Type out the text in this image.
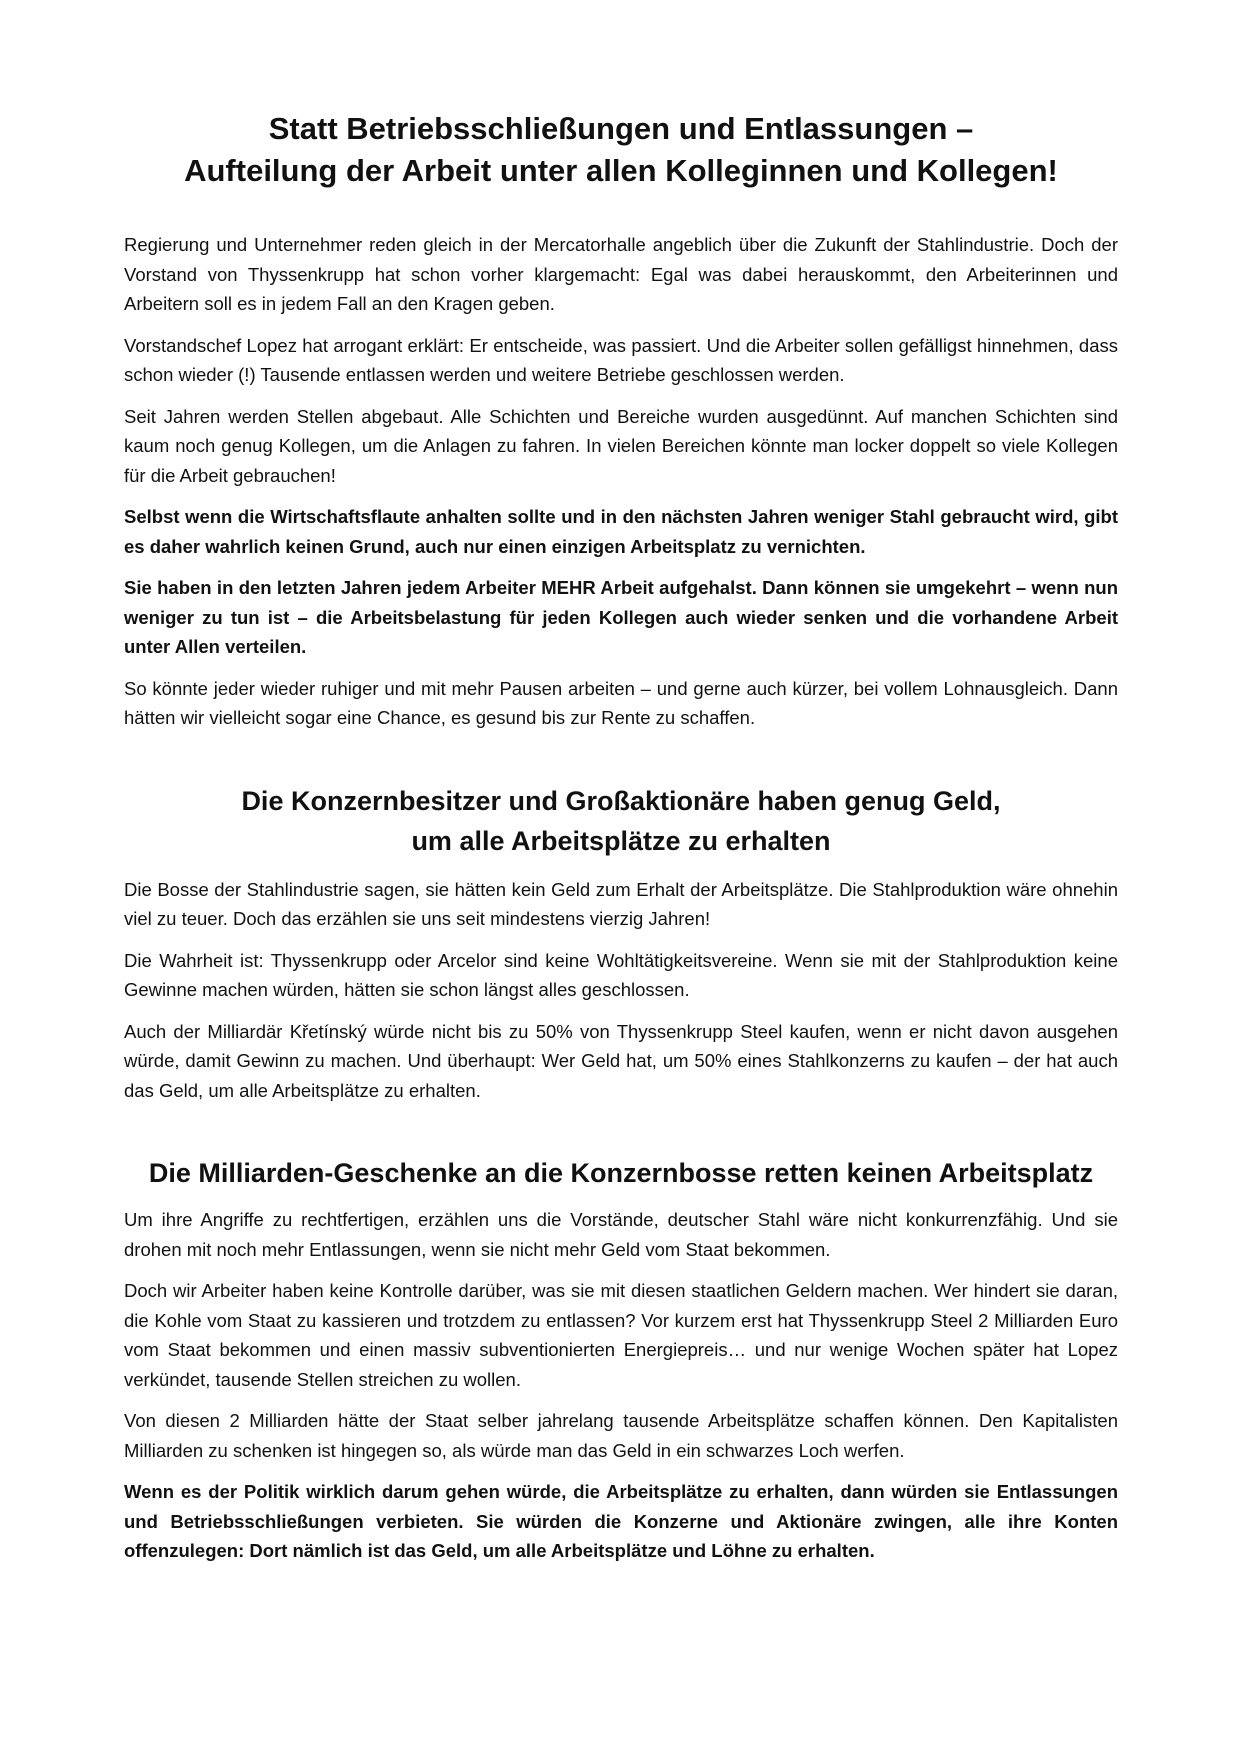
Statt Betriebsschließungen und Entlassungen –
Aufteilung der Arbeit unter allen Kolleginnen und Kollegen!

Regierung und Unternehmer reden gleich in der Mercatorhalle angeblich über die Zukunft der Stahlindustrie. Doch der Vorstand von Thyssenkrupp hat schon vorher klargemacht: Egal was dabei herauskommt, den Arbeiterinnen und Arbeitern soll es in jedem Fall an den Kragen geben.

Vorstandschef Lopez hat arrogant erklärt: Er entscheide, was passiert. Und die Arbeiter sollen gefälligst hinnehmen, dass schon wieder (!) Tausende entlassen werden und weitere Betriebe geschlossen werden.

Seit Jahren werden Stellen abgebaut. Alle Schichten und Bereiche wurden ausgedünnt. Auf manchen Schichten sind kaum noch genug Kollegen, um die Anlagen zu fahren. In vielen Bereichen könnte man locker doppelt so viele Kollegen für die Arbeit gebrauchen!

Selbst wenn die Wirtschaftsflaute anhalten sollte und in den nächsten Jahren weniger Stahl gebraucht wird, gibt es daher wahrlich keinen Grund, auch nur einen einzigen Arbeitsplatz zu vernichten.

Sie haben in den letzten Jahren jedem Arbeiter MEHR Arbeit aufgehalst. Dann können sie umgekehrt – wenn nun weniger zu tun ist – die Arbeitsbelastung für jeden Kollegen auch wieder senken und die vorhandene Arbeit unter Allen verteilen.

So könnte jeder wieder ruhiger und mit mehr Pausen arbeiten – und gerne auch kürzer, bei vollem Lohnausgleich. Dann hätten wir vielleicht sogar eine Chance, es gesund bis zur Rente zu schaffen.

Die Konzernbesitzer und Großaktionäre haben genug Geld,
um alle Arbeitsplätze zu erhalten

Die Bosse der Stahlindustrie sagen, sie hätten kein Geld zum Erhalt der Arbeitsplätze. Die Stahlproduktion wäre ohnehin viel zu teuer. Doch das erzählen sie uns seit mindestens vierzig Jahren!

Die Wahrheit ist: Thyssenkrupp oder Arcelor sind keine Wohltätigkeitsvereine. Wenn sie mit der Stahlproduktion keine Gewinne machen würden, hätten sie schon längst alles geschlossen.

Auch der Milliardär Křetínský würde nicht bis zu 50% von Thyssenkrupp Steel kaufen, wenn er nicht davon ausgehen würde, damit Gewinn zu machen. Und überhaupt: Wer Geld hat, um 50% eines Stahlkonzerns zu kaufen – der hat auch das Geld, um alle Arbeitsplätze zu erhalten.

Die Milliarden-Geschenke an die Konzernbosse retten keinen Arbeitsplatz

Um ihre Angriffe zu rechtfertigen, erzählen uns die Vorstände, deutscher Stahl wäre nicht konkurrenzfähig. Und sie drohen mit noch mehr Entlassungen, wenn sie nicht mehr Geld vom Staat bekommen.

Doch wir Arbeiter haben keine Kontrolle darüber, was sie mit diesen staatlichen Geldern machen. Wer hindert sie daran, die Kohle vom Staat zu kassieren und trotzdem zu entlassen? Vor kurzem erst hat Thyssenkrupp Steel 2 Milliarden Euro vom Staat bekommen und einen massiv subventionierten Energiepreis… und nur wenige Wochen später hat Lopez verkündet, tausende Stellen streichen zu wollen.

Von diesen 2 Milliarden hätte der Staat selber jahrelang tausende Arbeitsplätze schaffen können. Den Kapitalisten Milliarden zu schenken ist hingegen so, als würde man das Geld in ein schwarzes Loch werfen.

Wenn es der Politik wirklich darum gehen würde, die Arbeitsplätze zu erhalten, dann würden sie Entlassungen und Betriebsschließungen verbieten. Sie würden die Konzerne und Aktionäre zwingen, alle ihre Konten offenzulegen: Dort nämlich ist das Geld, um alle Arbeitsplätze und Löhne zu erhalten.
